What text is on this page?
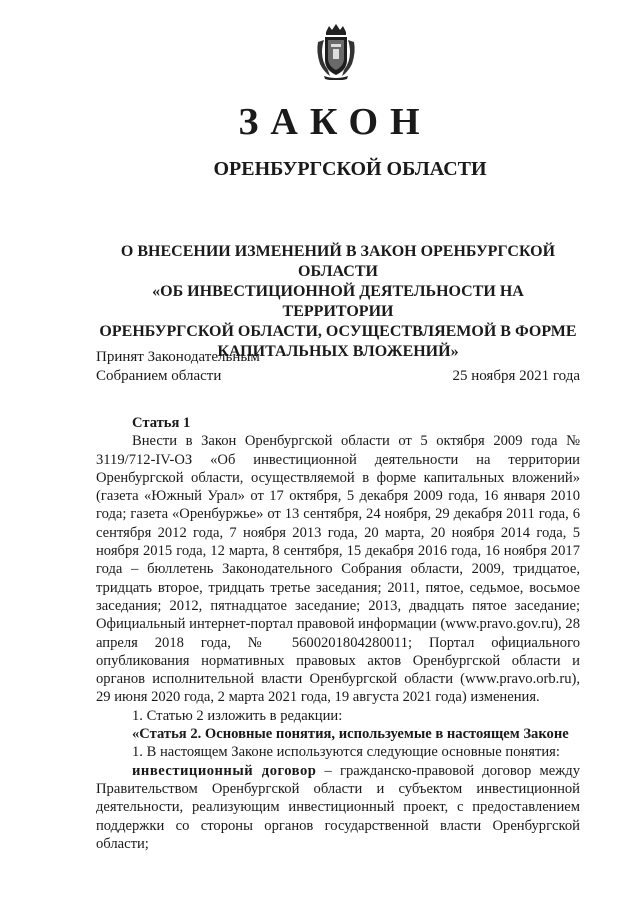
ЗАКОН
ОРЕНБУРГСКОЙ ОБЛАСТИ
О ВНЕСЕНИИ ИЗМЕНЕНИЙ В ЗАКОН ОРЕНБУРГСКОЙ ОБЛАСТИ
«ОБ ИНВЕСТИЦИОННОЙ ДЕЯТЕЛЬНОСТИ НА ТЕРРИТОРИИ
ОРЕНБУРГСКОЙ ОБЛАСТИ, ОСУЩЕСТВЛЯЕМОЙ В ФОРМЕ
КАПИТАЛЬНЫХ ВЛОЖЕНИЙ»
Принят Законодательным
Собранием области	25 ноября 2021 года

Статья 1

Внести в Закон Оренбургской области от 5 октября 2009 года № 3119/712-IV-ОЗ «Об инвестиционной деятельности на территории Оренбургской области, осуществляемой в форме капитальных вложений» (газета «Южный Урал» от 17 октября, 5 декабря 2009 года, 16 января 2010 года; газета «Оренбуржье» от 13 сентября, 24 ноября, 29 декабря 2011 года, 6 сентября 2012 года, 7 ноября 2013 года, 20 марта, 20 ноября 2014 года, 5 ноября 2015 года, 12 марта, 8 сентября, 15 декабря 2016 года, 16 ноября 2017 года – бюллетень Законодательного Собрания области, 2009, тридцатое, тридцать второе, тридцать третье заседания; 2011, пятое, седьмое, восьмое заседания; 2012, пятнадцатое заседание; 2013, двадцать пятое заседание; Официальный интернет-портал правовой информации (www.pravo.gov.ru), 28 апреля 2018 года, № 5600201804280011; Портал официального опубликования нормативных правовых актов Оренбургской области и органов исполнительной власти Оренбургской области (www.pravo.orb.ru), 29 июня 2020 года, 2 марта 2021 года, 19 августа 2021 года) изменения.

1. Статью 2 изложить в редакции:

«Статья 2. Основные понятия, используемые в настоящем Законе

1. В настоящем Законе используются следующие основные понятия:

инвестиционный договор – гражданско-правовой договор между Правительством Оренбургской области и субъектом инвестиционной деятельности, реализующим инвестиционный проект, с предоставлением поддержки со стороны органов государственной власти Оренбургской области;
